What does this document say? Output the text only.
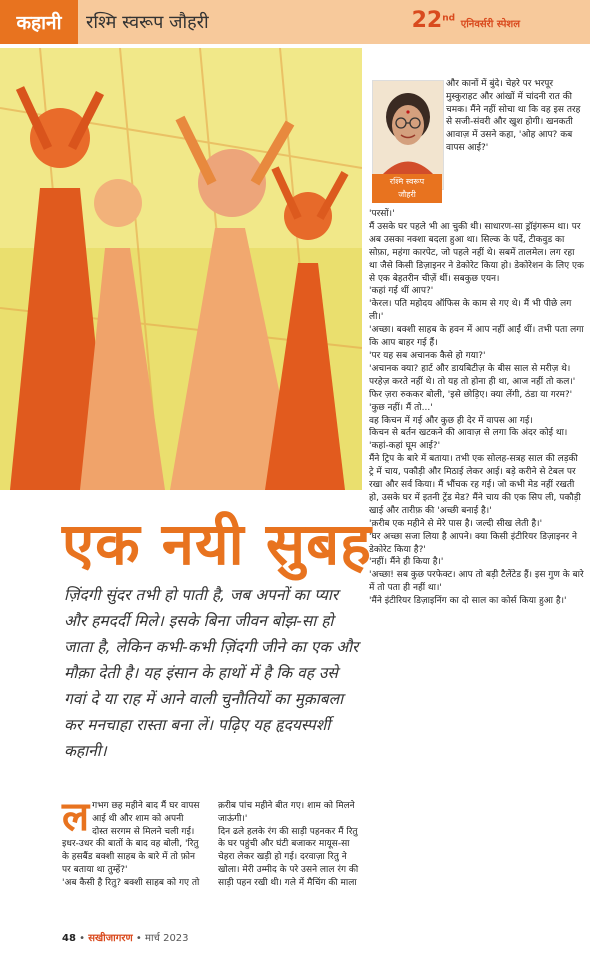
कहानी	रश्मि स्वरूप जौहरी	22nd एनिवर्सरी स्पेशल
रश्मि स्वरूप
जौहरी
और कानों में बुंदे। चेहरे पर भरपूर मुस्कुराहट और आंखों में चांदनी रात की चमक। मैंने नहीं सोचा था कि वह इस तरह से सजी-संवरी और खुश होगी। खनकती आवाज़ में उसने कहा, 'ओह आप? कब वापस आई?'

'परसों।'

मैं उसके घर पहले भी आ चुकी थी। साधारण-सा ड्रॉइंगरूम था। पर अब उसका नक्शा बदला हुआ था। सिल्क के पर्दे, टीकवुड का सोफ़ा, महंगा कारपेट, जो पहले नहीं थे। सबमें तालमेल। लग रहा था जैसे किसी डिज़ाइनर ने डेकोरेट किया हो। डेकोरेशन के लिए एक से एक बेहतरीन चीज़ें थीं। सबकुछ एयन।

'कहां गई थीं आप?'

'केरल। पति महोदय ऑफिस के काम से गए थे। मैं भी पीछे लग ली।'

'अच्छा। बक्शी साहब के हवन में आप नहीं आईं थीं। तभी पता लगा कि आप बाहर गई हैं।

'पर यह सब अचानक कैसे हो गया?'

'अचानक क्या? हार्ट और डायबिटीज़ के बीस साल से मरीज़ थे। परहेज़ करते नहीं थे। तो यह तो होना ही था, आज नहीं तो कल।'

फिर ज़रा रुककर बोली, 'इसे छोड़िए। क्या लेंगी, ठंडा या गरम?'

'कुछ नहीं। मैं तो...'

वह किचन में गई और कुछ ही देर में वापस आ गई।

किचन से बर्तन खटकने की आवाज़ से लगा कि अंदर कोई था।

'कहां-कहां घूम आई?'

मैंने ट्रिप के बारे में बताया। तभी एक सोलह-सत्रह साल की लड़की ट्रे में चाय, पकौड़ी और मिठाई लेकर आई। बड़े करीने से टेबल पर रखा और सर्व किया। मैं भौंचक रह गई। जो कभी मेड नहीं रखती हो, उसके घर में इतनी ट्रेंड मेड? मैंने चाय की एक सिप ली, पकौड़ी खाई और तारीफ़ की 'अच्छी बनाई है।'

'क़रीब एक महीने से मेरे पास है। जल्दी सीख लेती है।'

'घर अच्छा सजा लिया है आपने। क्या किसी इंटीरियर डिज़ाइनर ने डेकोरेट किया है?'

'नहीं। मैंने ही किया है।'

'अच्छा! सब कुछ परफेक्ट। आप तो बड़ी टैलेंटेड हैं। इस गुण के बारे में तो पता ही नहीं था।'

'मैंने इंटीरियर डिज़ाइनिंग का दो साल का कोर्स किया हुआ है।'

एक नयी सुबह
ज़िंदगी सुंदर तभी हो पाती है, जब अपनों का प्यार और हमदर्दी मिले। इसके बिना जीवन बोझ-सा हो जाता है, लेकिन कभी-कभी ज़िंदगी जीने का एक और मौक़ा देती है। यह इंसान के हाथों में है कि वह उसे गवां दे या राह में आने वाली चुनौतियों का मुक़ाबला कर मनचाहा रास्ता बना लें। पढ़िए यह हृदयस्पर्शी कहानी।
ल गभग छह महीने बाद मैं घर वापस आई थी और शाम को अपनी दोस्त सरगम से मिलने चली गई। इधर-उधर की बातों के बाद वह बोली, 'रितु के हसबैंड बक्शी साहब के बारे में तो फ़ोन पर बताया था तुम्हें?'
'अब कैसी है रितु? बक्शी साहब को गए तो
क़रीब पांच महीने बीत गए। शाम को मिलने जाऊंगी।'
दिन ढले हलके रंग की साड़ी पहनकर मैं रितु के घर पहुंची और घंटी बजाकर मायूस-सा चेहरा लेकर खड़ी हो गई। दरवाज़ा रितु ने खोला। मेरी उम्मीद के परे उसने लाल रंग की साड़ी पहन रखी थी। गले में मैचिंग की माला
48 • सखीजागरण • मार्च 2023
